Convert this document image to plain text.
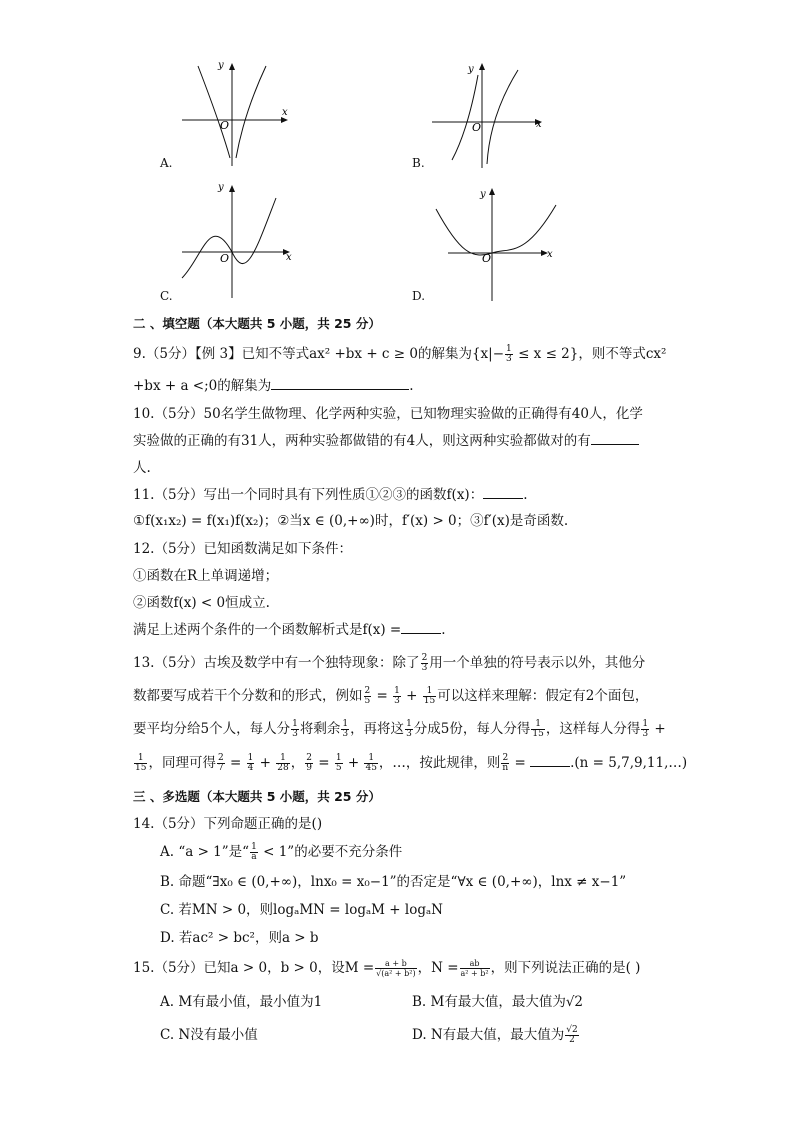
x
y
O
A.
x
y
O
B.
x
y
O
C.
x
y
O
D.
二 、填空题（本大题共 5 小题，共 25 分）
9.（5分）【例 3】已知不等式ax² +bx + c ≥ 0的解集为$\{x|- \frac{1}{3} \le x \le 2\}$，则不等式cx²
+bx + a <;0的解集为	.
10.（5分）50名学生做物理、化学两种实验，已知物理实验做的正确得有40人，化学
实验做的正确的有31人，两种实验都做错的有4人，则这两种实验都做对的有
人.
11.（5分）写出一个同时具有下列性质①②③的函数f(x)：	.
①f(x₁x₂) = f(x₁)f(x₂)；②当x ∈ (0,+∞)时，f′(x) > 0；③f′(x)是奇函数.
12.（5分）已知函数满足如下条件：
①函数在R上单调递增；
②函数f(x) < 0恒成立.
满足上述两个条件的一个函数解析式是f(x) =	.
13.（5分）古埃及数学中有一个独特现象：除了 $\frac{2}{3}$ 用一个单独的符号表示以外，其他分
数都要写成若干个分数和的形式，例如 $\frac{2}{5} = \frac{1}{3} + \frac{1}{15}$ 可以这样来理解：假定有2个面包，
要平均分给5个人，每人分 $\frac{1}{3}$ 将剩余 $\frac{1}{3}$ ，再将这 $\frac{1}{3}$ 分成5份，每人分得 $\frac{1}{15}$ ，这样每人分得 $\frac{1}{3}$ +
$\frac{1}{15}$ ，同理可得 $\frac{2}{7} = \frac{1}{4} + \frac{1}{28}$ ， $\frac{2}{9} = \frac{1}{5} + \frac{1}{45}$ ，…，按此规律，则 $\frac{2}{n}$ =	.(n = 5,7,9,11,…)
三 、多选题（本大题共 5 小题，共 25 分）
14.（5分）下列命题正确的是()
A. “a > 1”是“ $\frac{1}{a} < 1$”的必要不充分条件
B. 命题“∃x₀ ∈ (0,+∞)，lnx₀ = x₀−1”的否定是“∀x ∈ (0,+∞)，lnx ≠ x−1”
C. 若MN > 0，则logₐMN = logₐM + logₐN
D. 若ac² > bc²，则a > b
15.（5分）已知a > 0，b > 0，设$M = \frac{a + b}{\text{√(a² + b²)}}$ ，$N = \frac{ab}{\text{a² + b²}}$ ，则下列说法正确的是( )
A. M有最小值，最小值为1	B. M有最大值，最大值为√2
C. N没有最小值	D. N有最大值，最大值为 $\frac{√2}{2}$
